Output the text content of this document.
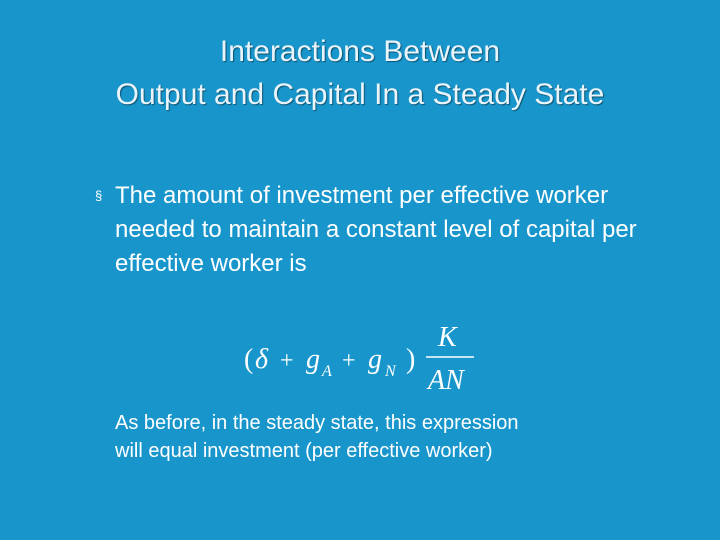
Interactions Between
Output and Capital In a Steady State
§ The amount of investment per effective worker needed to maintain a constant level of capital per effective worker is
( δ + g A + g N )
K
AN
As before, in the steady state, this expression will equal investment (per effective worker)
